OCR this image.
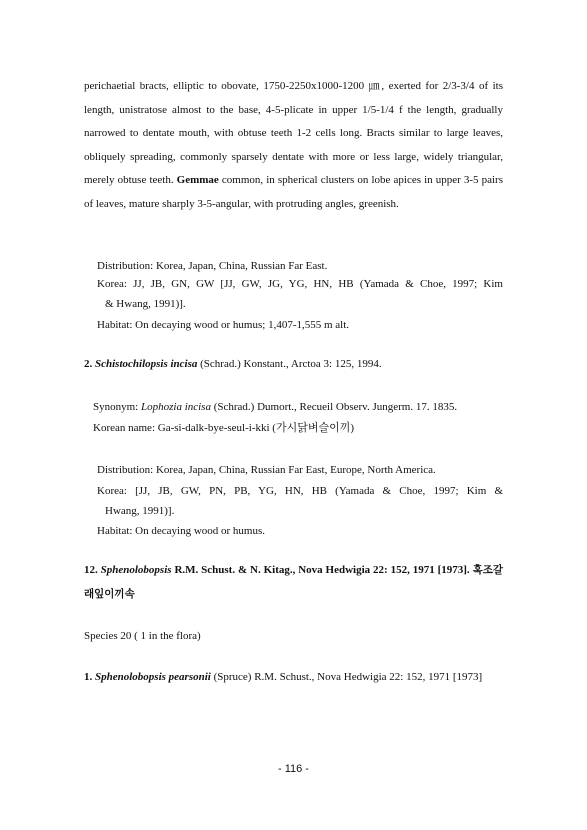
perichaetial bracts, elliptic to obovate, 1750-2250x1000-1200 ㎛, exerted for 2/3-3/4 of its length, unistratose almost to the base, 4-5-plicate in upper 1/5-1/4 f the length, gradually narrowed to dentate mouth, with obtuse teeth 1-2 cells long. Bracts similar to large leaves, obliquely spreading, commonly sparsely dentate with more or less large, widely triangular, merely obtuse teeth. Gemmae common, in spherical clusters on lobe apices in upper 3-5 pairs of leaves, mature sharply 3-5-angular, with protruding angles, greenish.

Distribution: Korea, Japan, China, Russian Far East.

Korea: JJ, JB, GN, GW [JJ, GW, JG, YG, HN, HB (Yamada & Choe, 1997; Kim

& Hwang, 1991)].

Habitat: On decaying wood or humus; 1,407-1,555 m alt.

2. Schistochilopsis incisa (Schrad.) Konstant., Arctoa 3: 125, 1994.

Synonym: Lophozia incisa (Schrad.) Dumort., Recueil Observ. Jungerm. 17. 1835.

Korean name: Ga-si-dalk-bye-seul-i-kki (가시닭벼슬이끼)

Distribution: Korea, Japan, China, Russian Far East, Europe, North America.

Korea: [JJ, JB, GW, PN, PB, YG, HN, HB (Yamada & Choe, 1997; Kim &

Hwang, 1991)].

Habitat: On decaying wood or humus.

12. Sphenolobopsis R.M. Schust. & N. Kitag., Nova Hedwigia 22: 152, 1971 [1973]. 혹조갈래잎이끼속

Species 20 ( 1 in the flora)

1. Sphenolobopsis pearsonii (Spruce) R.M. Schust., Nova Hedwigia 22: 152, 1971 [1973]

- 116 -
